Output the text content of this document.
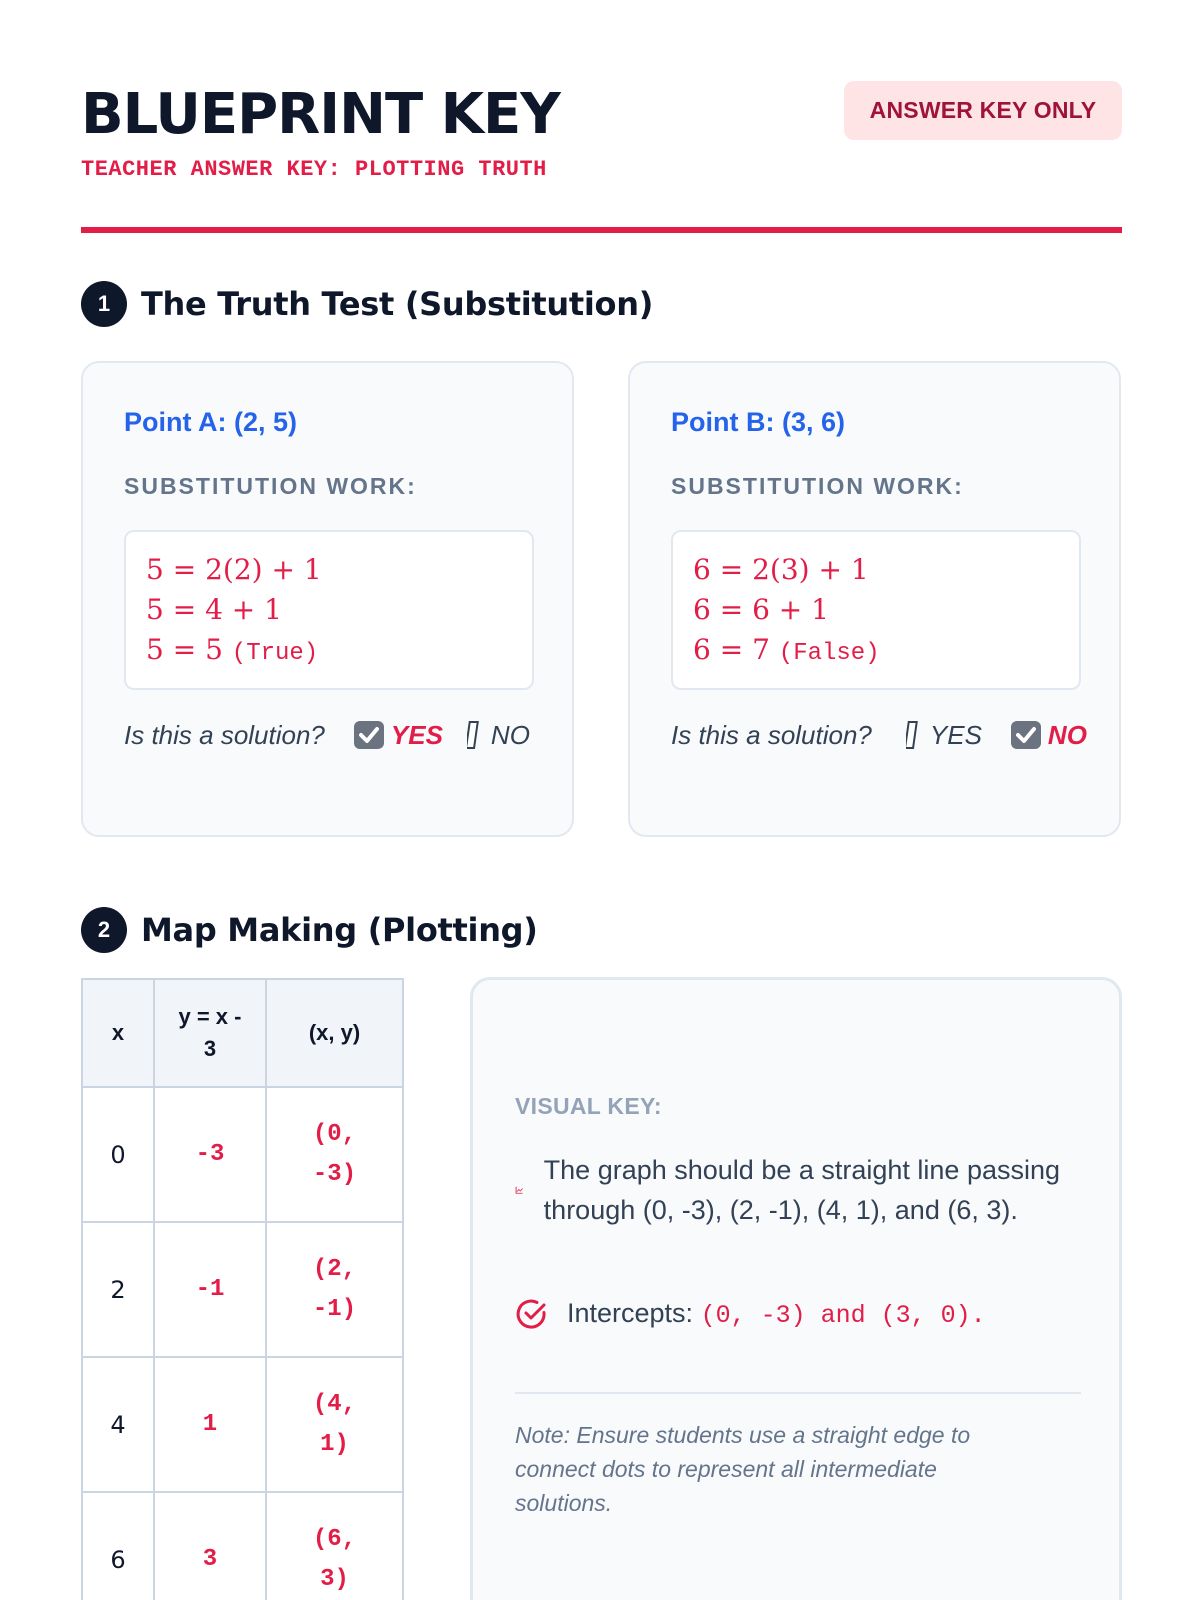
BLUEPRINT KEY
TEACHER ANSWER KEY: PLOTTING TRUTH
ANSWER KEY ONLY
1 The Truth Test (Substitution)
Point A: (2, 5)
SUBSTITUTION WORK:
5 = 2(2) + 1
5 = 4 + 1
5 = 5 (True)
Is this a solution?	YES NO
Point B: (3, 6)
SUBSTITUTION WORK:
6 = 2(3) + 1
6 = 6 + 1
6 = 7 (False)
Is this a solution? YES	NO
2 Map Making (Plotting)
x	y = x - 3	(x, y)
0	-3	(0, -3)
2	-1	(2, -1)
4	1	(4, 1)
6	3	(6, 3)
VISUAL KEY:
The graph should be a straight line passing through (0, -3), (2, -1), (4, 1), and (6, 3).
Intercepts: (0, -3) and (3, 0).
Note: Ensure students use a straight edge to connect dots to represent all intermediate solutions.
